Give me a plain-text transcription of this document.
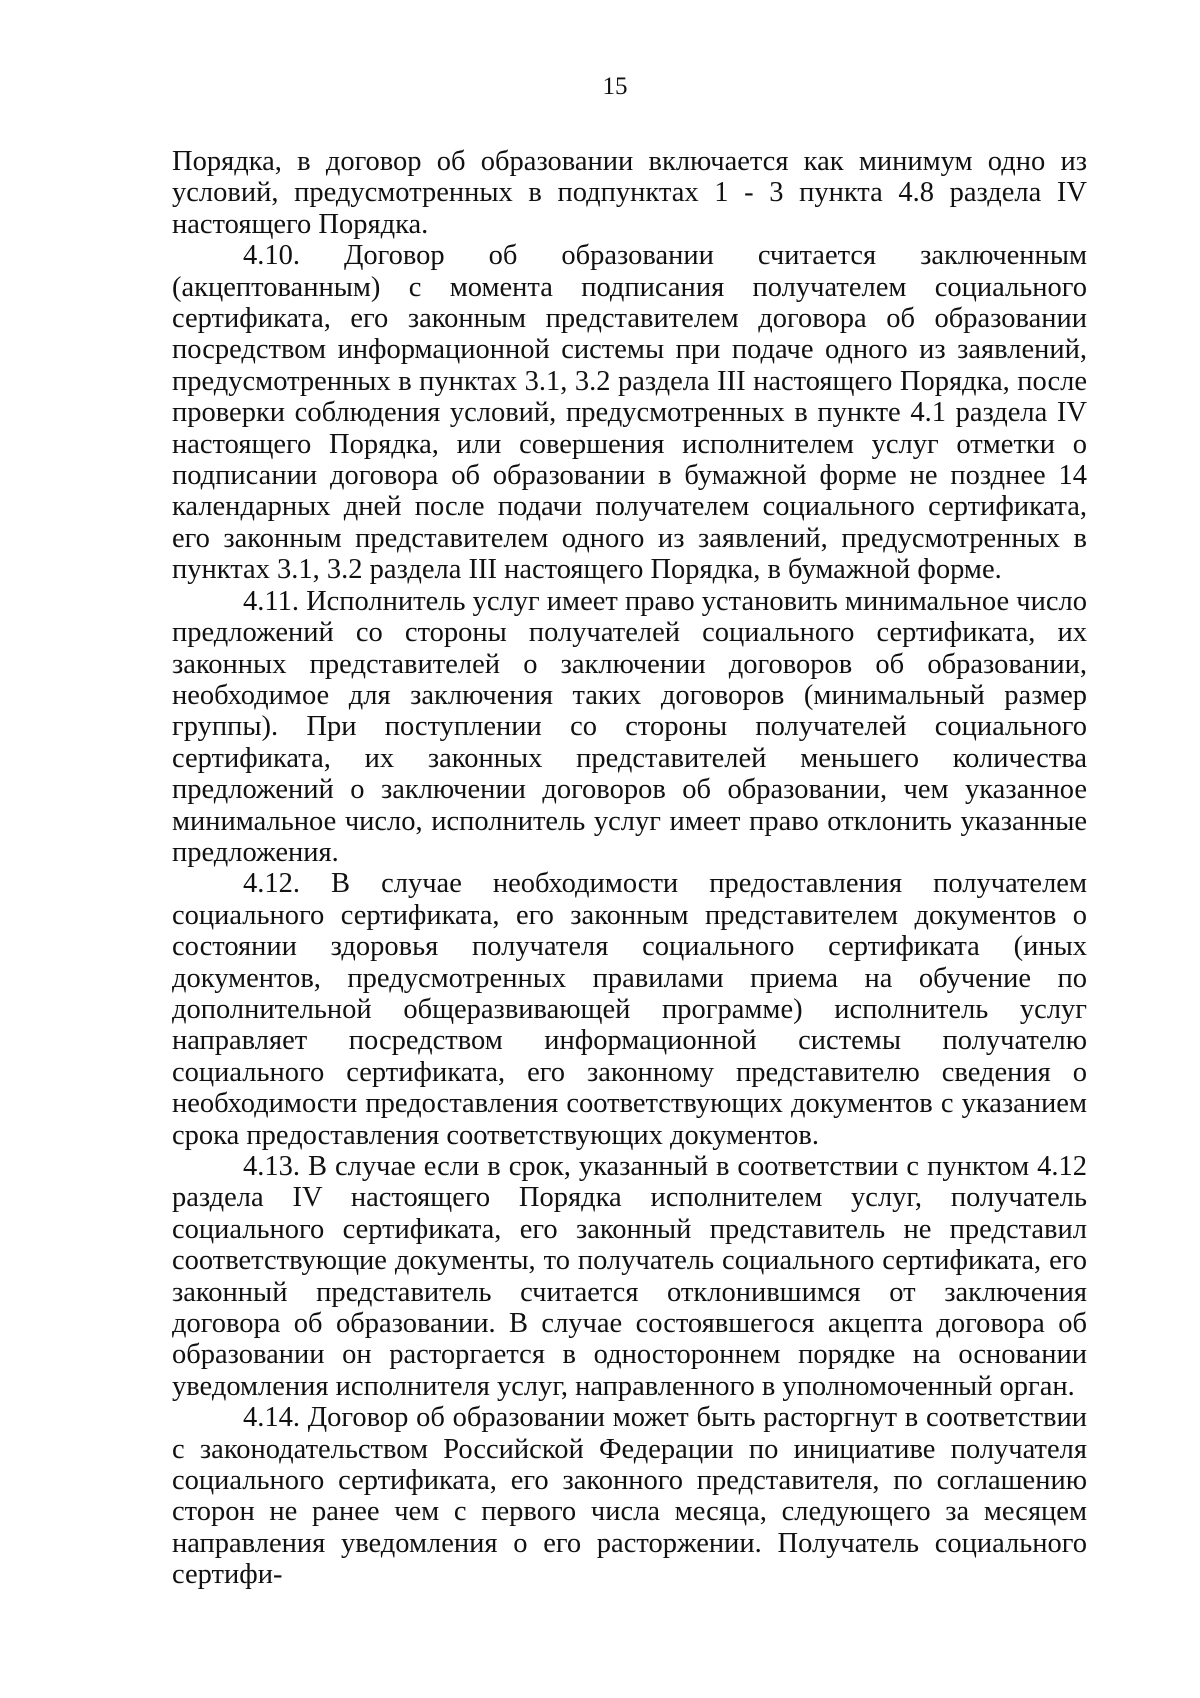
15

Порядка, в договор об образовании включается как минимум одно из условий, предусмотренных в подпунктах 1 - 3 пункта 4.8 раздела IV настоящего Порядка.

4.10. Договор об образовании считается заключенным (акцептованным) с момента подписания получателем социального сертификата, его законным представителем договора об образовании посредством информационной системы при подаче одного из заявлений, предусмотренных в пунктах 3.1, 3.2 раздела III настоящего Порядка, после проверки соблюдения условий, предусмотренных в пункте 4.1 раздела IV настоящего Порядка, или совершения исполнителем услуг отметки о подписании договора об образовании в бумажной форме не позднее 14 календарных дней после подачи получателем социального сертификата, его законным представителем одного из заявлений, предусмотренных в пунктах 3.1, 3.2 раздела III настоящего Порядка, в бумажной форме.

4.11. Исполнитель услуг имеет право установить минимальное число предложений со стороны получателей социального сертификата, их законных представителей о заключении договоров об образовании, необходимое для заключения таких договоров (минимальный размер группы). При поступлении со стороны получателей социального сертификата, их законных представителей меньшего количества предложений о заключении договоров об образовании, чем указанное минимальное число, исполнитель услуг имеет право отклонить указанные предложения.

4.12. В случае необходимости предоставления получателем социального сертификата, его законным представителем документов о состоянии здоровья получателя социального сертификата (иных документов, предусмотренных правилами приема на обучение по дополнительной общеразвивающей программе) исполнитель услуг направляет посредством информационной системы получателю социального сертификата, его законному представителю сведения о необходимости предоставления соответствующих документов с указанием срока предоставления соответствующих документов.

4.13. В случае если в срок, указанный в соответствии с пунктом 4.12 раздела IV настоящего Порядка исполнителем услуг, получатель социального сертификата, его законный представитель не представил соответствующие документы, то получатель социального сертификата, его законный представитель считается отклонившимся от заключения договора об образовании. В случае состоявшегося акцепта договора об образовании он расторгается в одностороннем порядке на основании уведомления исполнителя услуг, направленного в уполномоченный орган.

4.14. Договор об образовании может быть расторгнут в соответствии с законодательством Российской Федерации по инициативе получателя социального сертификата, его законного представителя, по соглашению сторон не ранее чем с первого числа месяца, следующего за месяцем направления уведомления о его расторжении. Получатель социального сертифи-
